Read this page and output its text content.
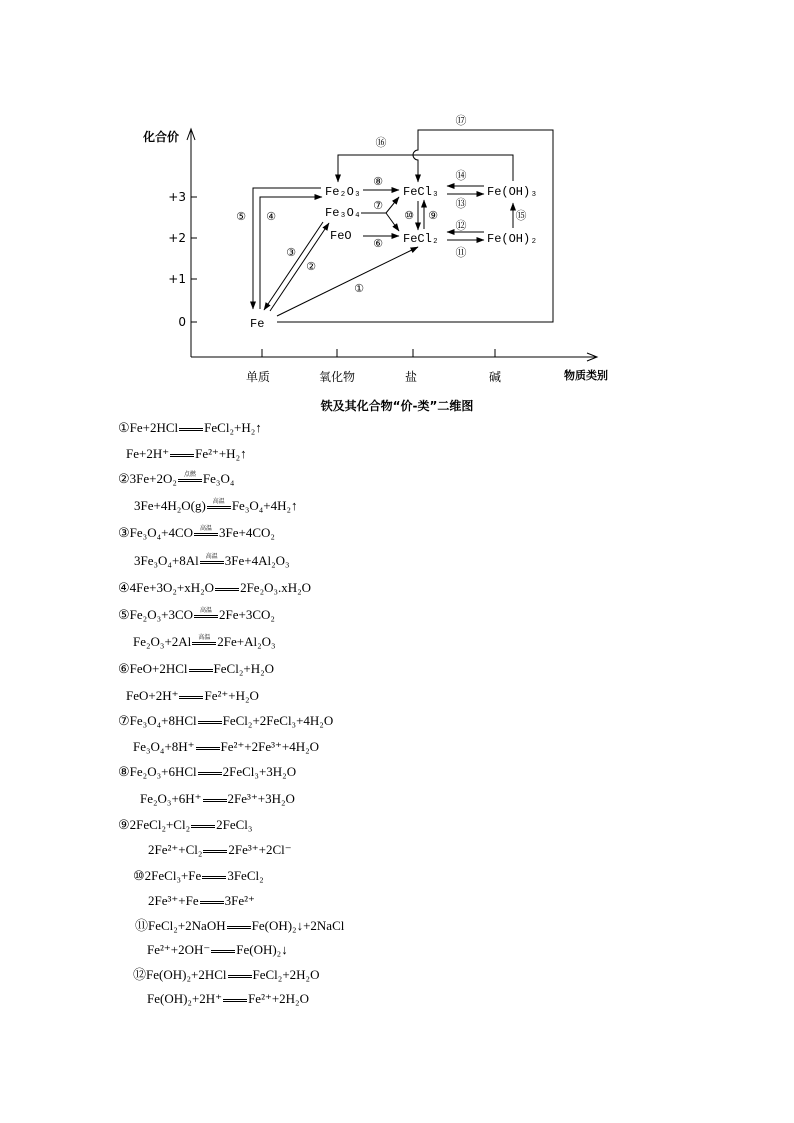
化合价
+3
+2
+1
0
单质	氧化物	盐	碱	物质类别
Fe
Fe₂O₃
Fe₃O₄
FeO
FeCl₃
FeCl₂
Fe(OH)₃
Fe(OH)₂
①
②
③
④
⑤
⑥
⑦
⑧
⑨
⑩
⑪
⑫
⑬
⑭
⑮
⑯
⑰
铁及其化合物“价-类”二维图
①Fe+2HCl FeCl₂+H₂↑
Fe+2H⁺ Fe²⁺+H₂↑
②3Fe+2O₂	点燃 Fe₃O₄
3Fe+4H₂O(g)	高温 Fe₃O₄+4H₂↑
③Fe₃O₄+4CO	高温 3Fe+4CO₂
3Fe₃O₄+8Al	高温 3Fe+4Al₂O₃
④4Fe+3O₂+xH₂O 2Fe₂O₃.xH₂O
⑤Fe₂O₃+3CO	高温 2Fe+3CO₂
Fe₂O₃+2Al	高温 2Fe+Al₂O₃
⑥FeO+2HCl FeCl₂+H₂O
FeO+2H⁺ Fe²⁺+H₂O
⑦Fe₃O₄+8HCl FeCl₂+2FeCl₃+4H₂O
Fe₃O₄+8H⁺ Fe²⁺+2Fe³⁺+4H₂O
⑧Fe₂O₃+6HCl 2FeCl₃+3H₂O
Fe₂O₃+6H⁺ 2Fe³⁺+3H₂O
⑨2FeCl₂+Cl₂ 2FeCl₃
2Fe²⁺+Cl₂ 2Fe³⁺+2Cl⁻
⑩2FeCl₃+Fe 3FeCl₂
2Fe³⁺+Fe 3Fe²⁺
⑪FeCl₂+2NaOH Fe(OH)₂↓+2NaCl
Fe²⁺+2OH⁻ Fe(OH)₂↓
⑫Fe(OH)₂+2HCl FeCl₂+2H₂O
Fe(OH)₂+2H⁺ Fe²⁺+2H₂O
